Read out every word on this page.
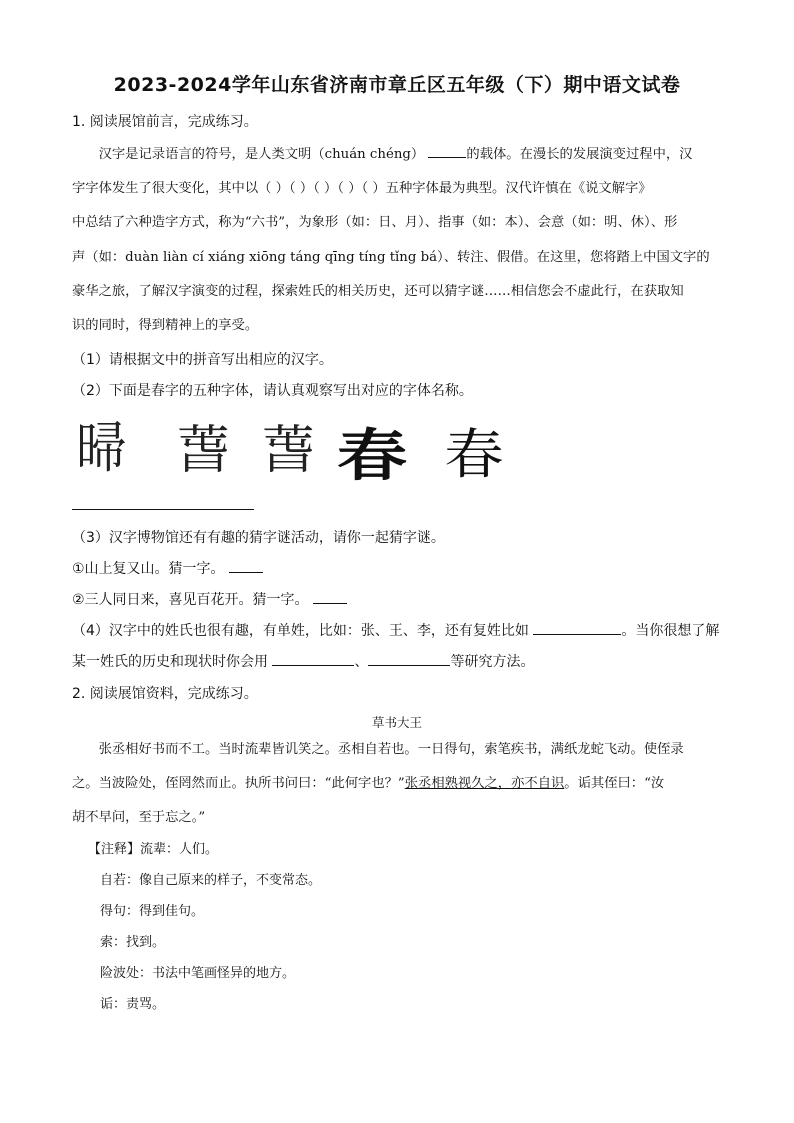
2023-2024学年山东省济南市章丘区五年级（下）期中语文试卷
1. 阅读展馆前言，完成练习。
汉字是记录语言的符号，是人类文明（chuán chéng）	的载体。在漫长的发展演变过程中，汉
字字体发生了很大变化，其中以（ ）（ ）（ ）（ ）（ ）五种字体最为典型。汉代许慎在《说文解字》
中总结了六种造字方式，称为“六书”，为象形（如：日、月）、指事（如：本）、会意（如：明、休）、形
声（如：duàn liàn cí xiáng xiōng táng qīng tíng tǐng bá）、转注、假借。在这里，您将踏上中国文字的
豪华之旅，了解汉字演变的过程，探索姓氏的相关历史，还可以猜字谜……相信您会不虚此行，在获取知
识的同时，得到精神上的享受。
（1）请根据文中的拼音写出相应的汉字。
（2）下面是春字的五种字体，请认真观察写出对应的字体名称。
㫶 萅 萅 春 春
（3）汉字博物馆还有有趣的猜字谜活动，请你一起猜字谜。
①山上复又山。猜一字。
②三人同日来，喜见百花开。猜一字。
（4）汉字中的姓氏也很有趣，有单姓，比如：张、王、李，还有复姓比如	。当你很想了解
某一姓氏的历史和现状时你会用	、	等研究方法。
2. 阅读展馆资料，完成练习。
草书大王
张丞相好书而不工。当时流辈皆讥笑之。丞相自若也。一日得句，索笔疾书，满纸龙蛇飞动。使侄录
之。当波险处，侄罔然而止。执所书问曰：“此何字也？”张丞相熟视久之，亦不自识。诟其侄曰：“汝
胡不早问，至于忘之。”
【注释】流辈：人们。
自若：像自己原来的样子，不变常态。
得句：得到佳句。
索：找到。
险波处：书法中笔画怪异的地方。
诟：责骂。
